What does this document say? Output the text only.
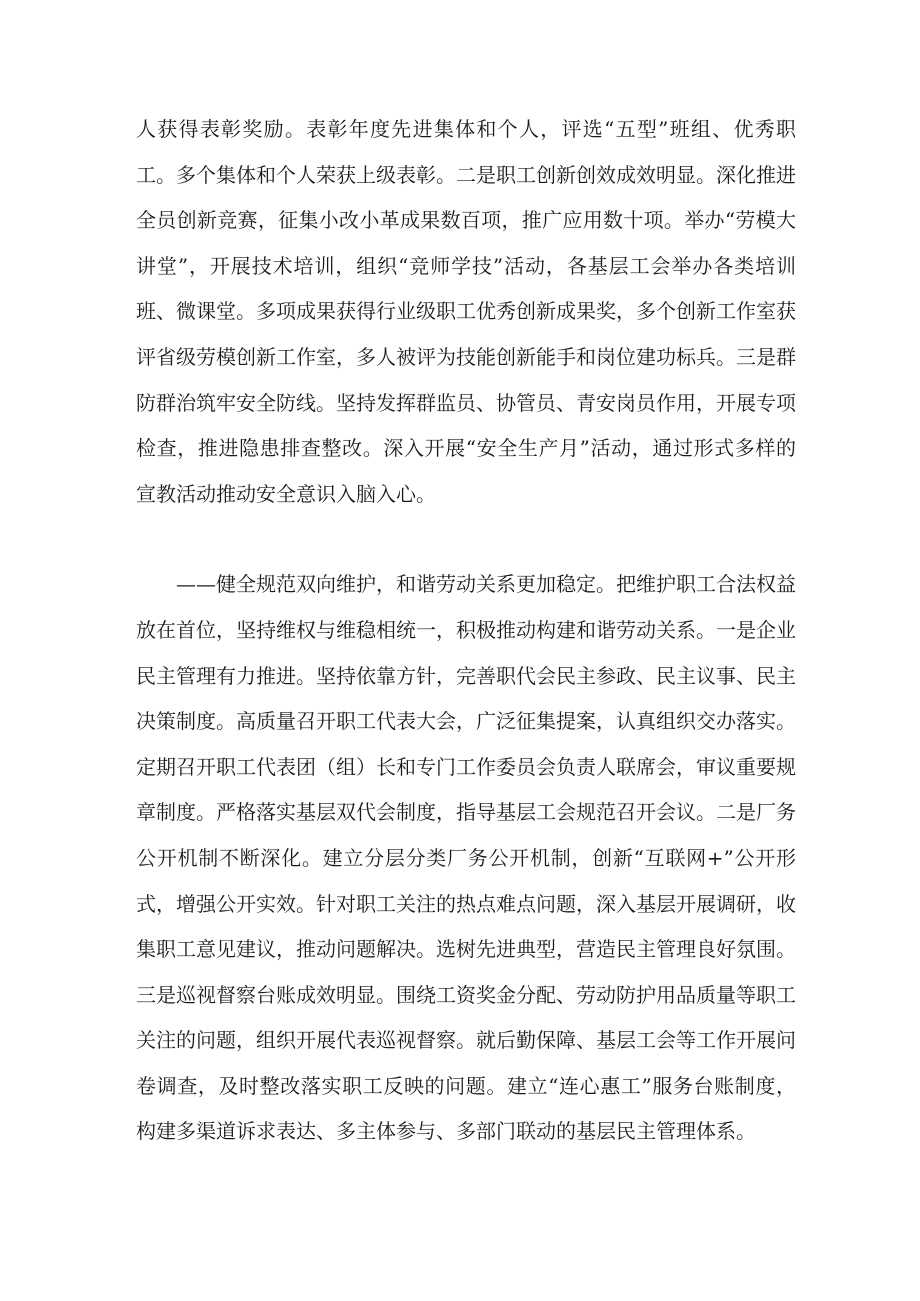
人获得表彰奖励。表彰年度先进集体和个人，评选“五型”班组、优秀职工。多个集体和个人荣获上级表彰。二是职工创新创效成效明显。深化推进全员创新竞赛，征集小改小革成果数百项，推广应用数十项。举办“劳模大讲堂”，开展技术培训，组织“竞师学技”活动，各基层工会举办各类培训班、微课堂。多项成果获得行业级职工优秀创新成果奖，多个创新工作室获评省级劳模创新工作室，多人被评为技能创新能手和岗位建功标兵。三是群防群治筑牢安全防线。坚持发挥群监员、协管员、青安岗员作用，开展专项检查，推进隐患排查整改。深入开展“安全生产月”活动，通过形式多样的宣教活动推动安全意识入脑入心。

——健全规范双向维护，和谐劳动关系更加稳定。把维护职工合法权益放在首位，坚持维权与维稳相统一，积极推动构建和谐劳动关系。一是企业民主管理有力推进。坚持依靠方针，完善职代会民主参政、民主议事、民主决策制度。高质量召开职工代表大会，广泛征集提案，认真组织交办落实。定期召开职工代表团（组）长和专门工作委员会负责人联席会，审议重要规章制度。严格落实基层双代会制度，指导基层工会规范召开会议。二是厂务公开机制不断深化。建立分层分类厂务公开机制，创新“互联网+”公开形式，增强公开实效。针对职工关注的热点难点问题，深入基层开展调研，收集职工意见建议，推动问题解决。选树先进典型，营造民主管理良好氛围。三是巡视督察台账成效明显。围绕工资奖金分配、劳动防护用品质量等职工关注的问题，组织开展代表巡视督察。就后勤保障、基层工会等工作开展问卷调查，及时整改落实职工反映的问题。建立“连心惠工”服务台账制度，构建多渠道诉求表达、多主体参与、多部门联动的基层民主管理体系。
